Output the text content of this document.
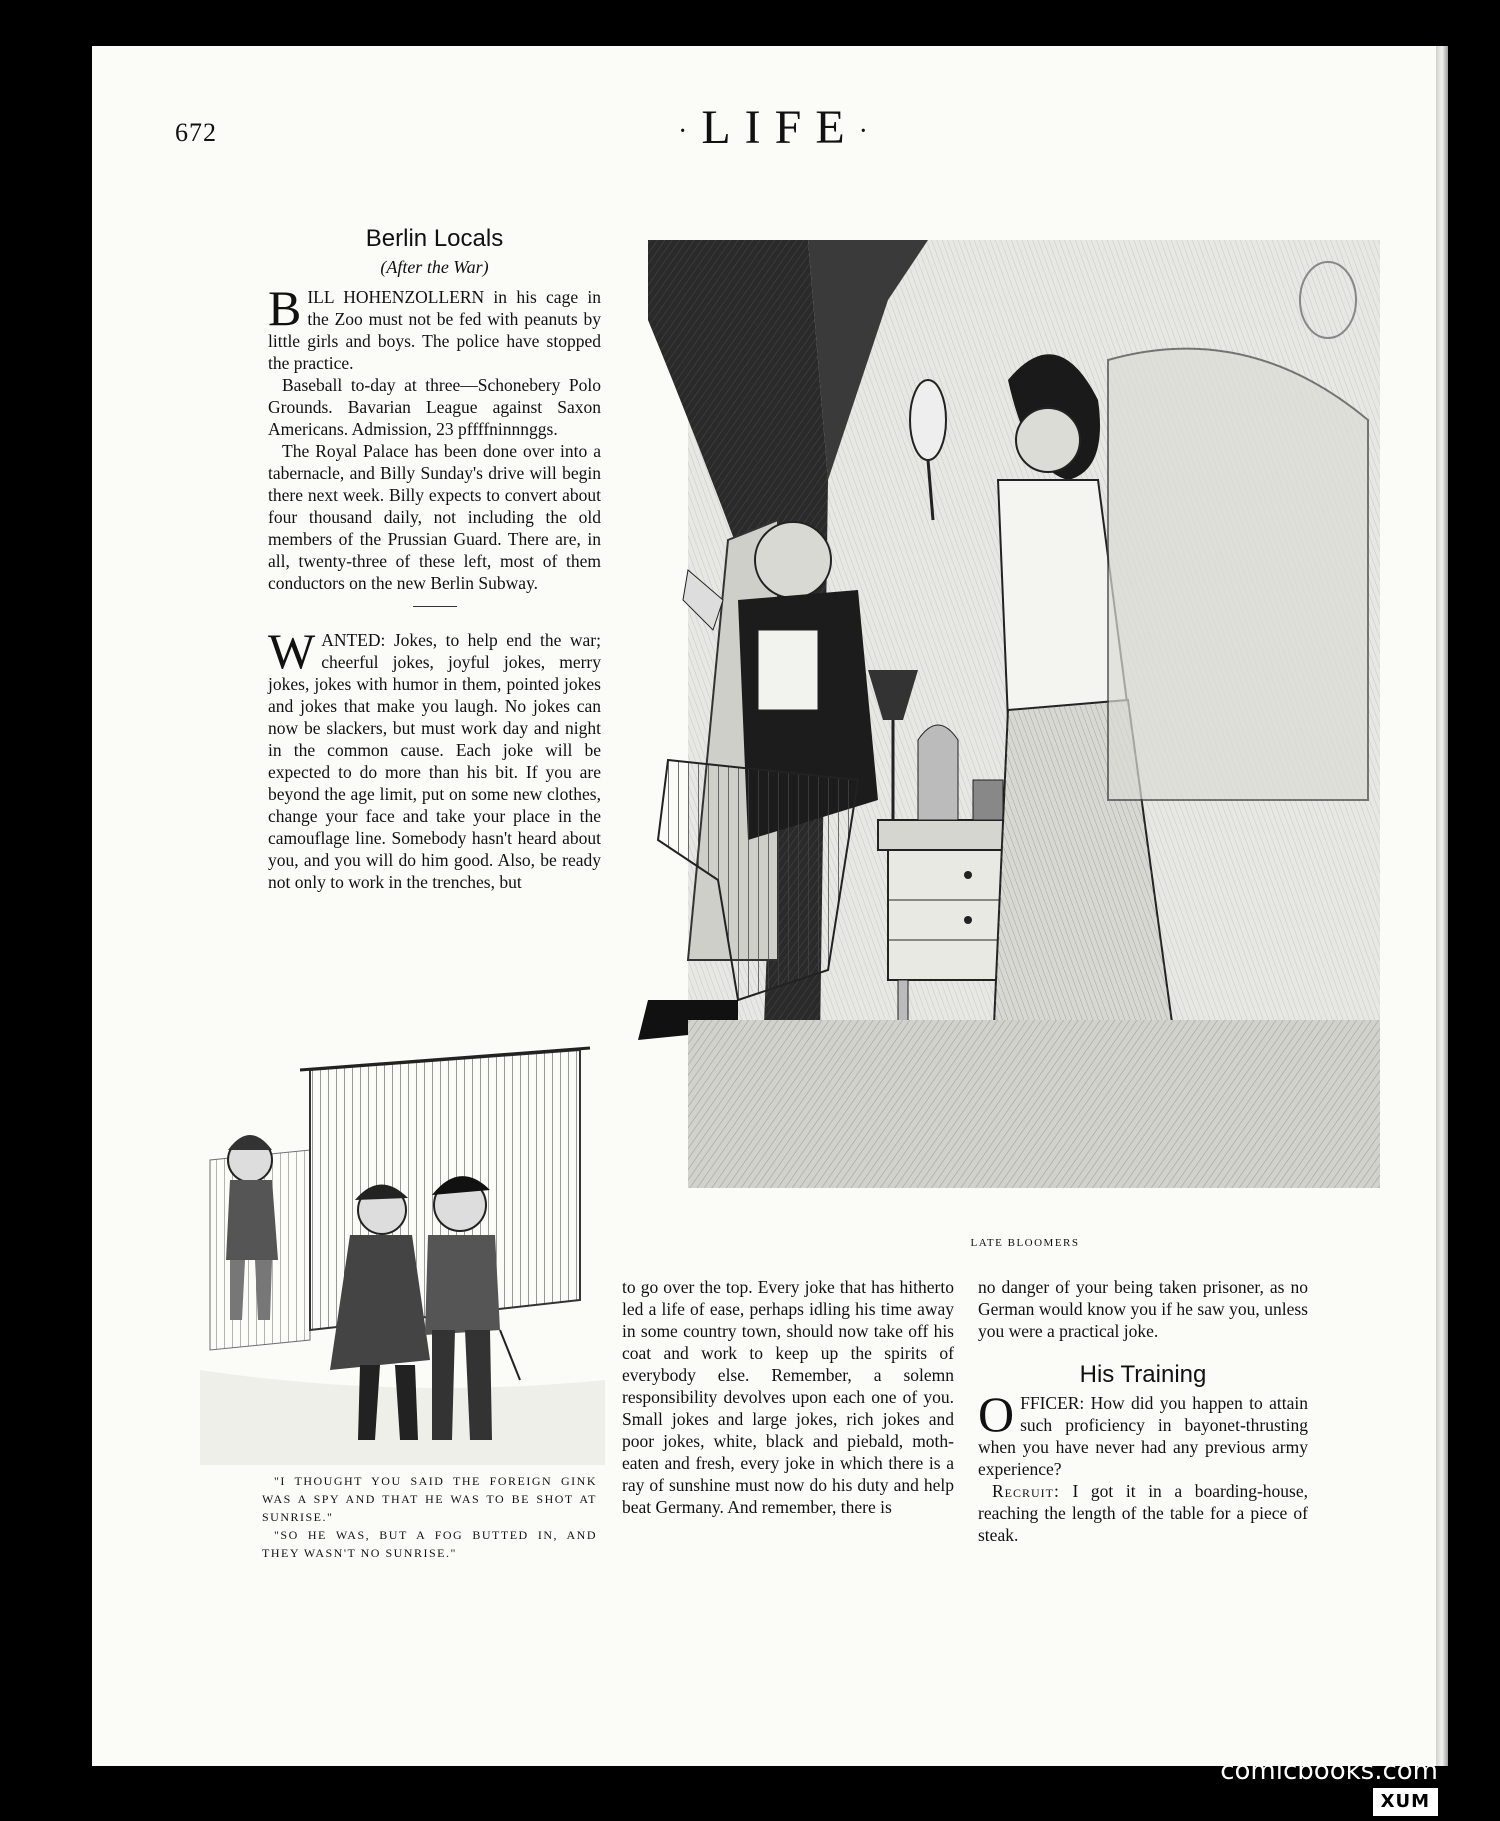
672	·LIFE·
Berlin Locals
(After the War)

BILL HOHENZOLLERN in his cage in the Zoo must not be fed with peanuts by little girls and boys. The police have stopped the practice.

Baseball to-day at three—Schonebery Polo Grounds. Bavarian League against Saxon Americans. Admission, 23 pffffninnnggs.

The Royal Palace has been done over into a tabernacle, and Billy Sunday's drive will begin there next week. Billy expects to convert about four thousand daily, not including the old members of the Prussian Guard. There are, in all, twenty-three of these left, most of them conductors on the new Berlin Subway.

WANTED: Jokes, to help end the war; cheerful jokes, joyful jokes, merry jokes, jokes with humor in them, pointed jokes and jokes that make you laugh. No jokes can now be slackers, but must work day and night in the common cause. Each joke will be expected to do more than his bit. If you are beyond the age limit, put on some new clothes, change your face and take your place in the camouflage line. Somebody hasn't heard about you, and you will do him good. Also, be ready not only to work in the trenches, but

LATE BLOOMERS
"I THOUGHT YOU SAID THE FOREIGN GINK WAS A SPY AND THAT HE WAS TO BE SHOT AT SUNRISE."
"SO HE WAS, BUT A FOG BUTTED IN, AND THEY WASN'T NO SUNRISE."

to go over the top. Every joke that has hitherto led a life of ease, perhaps idling his time away in some country town, should now take off his coat and work to keep up the spirits of everybody else. Remember, a solemn responsibility devolves upon each one of you. Small jokes and large jokes, rich jokes and poor jokes, white, black and piebald, moth-eaten and fresh, every joke in which there is a ray of sunshine must now do his duty and help beat Germany. And remember, there is

no danger of your being taken prisoner, as no German would know you if he saw you, unless you were a practical joke.

His Training

OFFICER: How did you happen to attain such proficiency in bayonet-thrusting when you have never had any previous army experience?

Recruit: I got it in a boarding-house, reaching the length of the table for a piece of steak.

comicbooks.com
XUM
